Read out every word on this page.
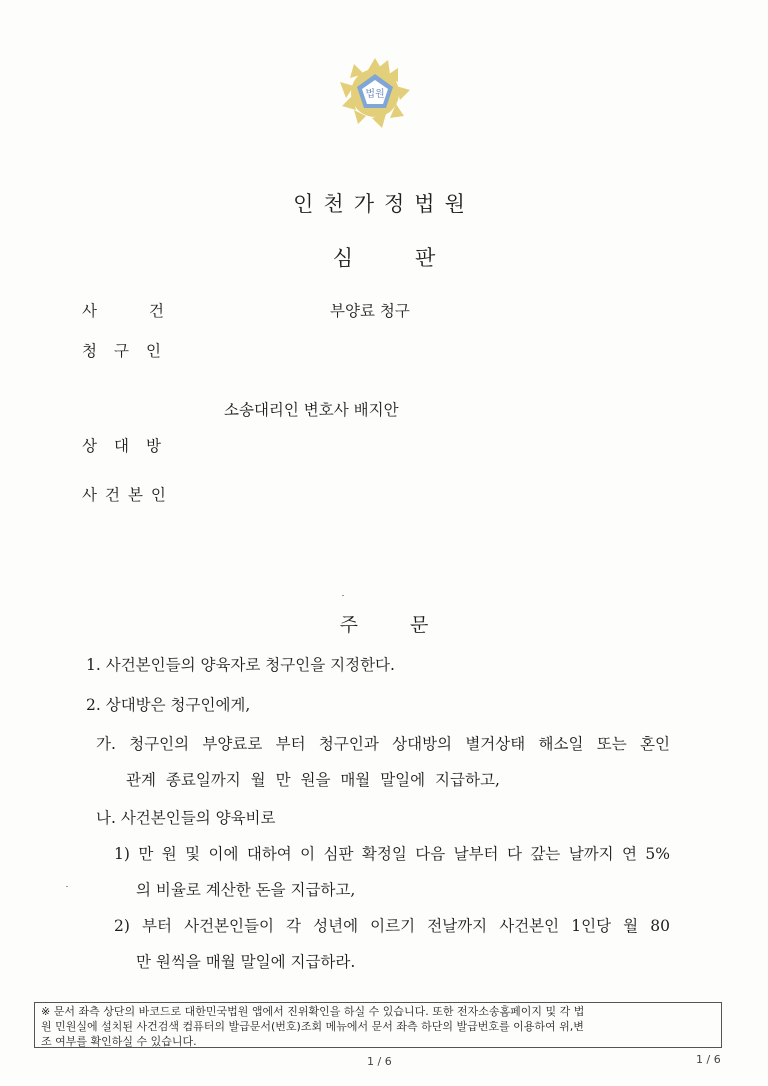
법원
인천가정법원
심판
사건	부양료 청구
청구인
소송대리인 변호사 배지안
상대방
사건본인
주문
1. 사건본인들의 양육자로 청구인을 지정한다.
2. 상대방은 청구인에게,
가. 청구인의 부양료로 부터 청구인과 상대방의 별거상태 해소일 또는 혼인
관계 종료일까지 월 만 원을 매월 말일에 지급하고,
나. 사건본인들의 양육비로
1) 만 원 및 이에 대하여 이 심판 확정일 다음 날부터 다 갚는 날까지 연 5%
의 비율로 계산한 돈을 지급하고,
2) 부터 사건본인들이 각 성년에 이르기 전날까지 사건본인 1인당 월 80
만 원씩을 매월 말일에 지급하라.
※ 문서 좌측 상단의 바코드로 대한민국법원 앱에서 진위확인을 하실 수 있습니다. 또한 전자소송홈페이지 및 각 법
원 민원실에 설치된 사건검색 컴퓨터의 발급문서(번호)조회 메뉴에서 문서 좌측 하단의 발급번호를 이용하여 위,변
조 여부를 확인하실 수 있습니다.
1 / 6	1 / 6
